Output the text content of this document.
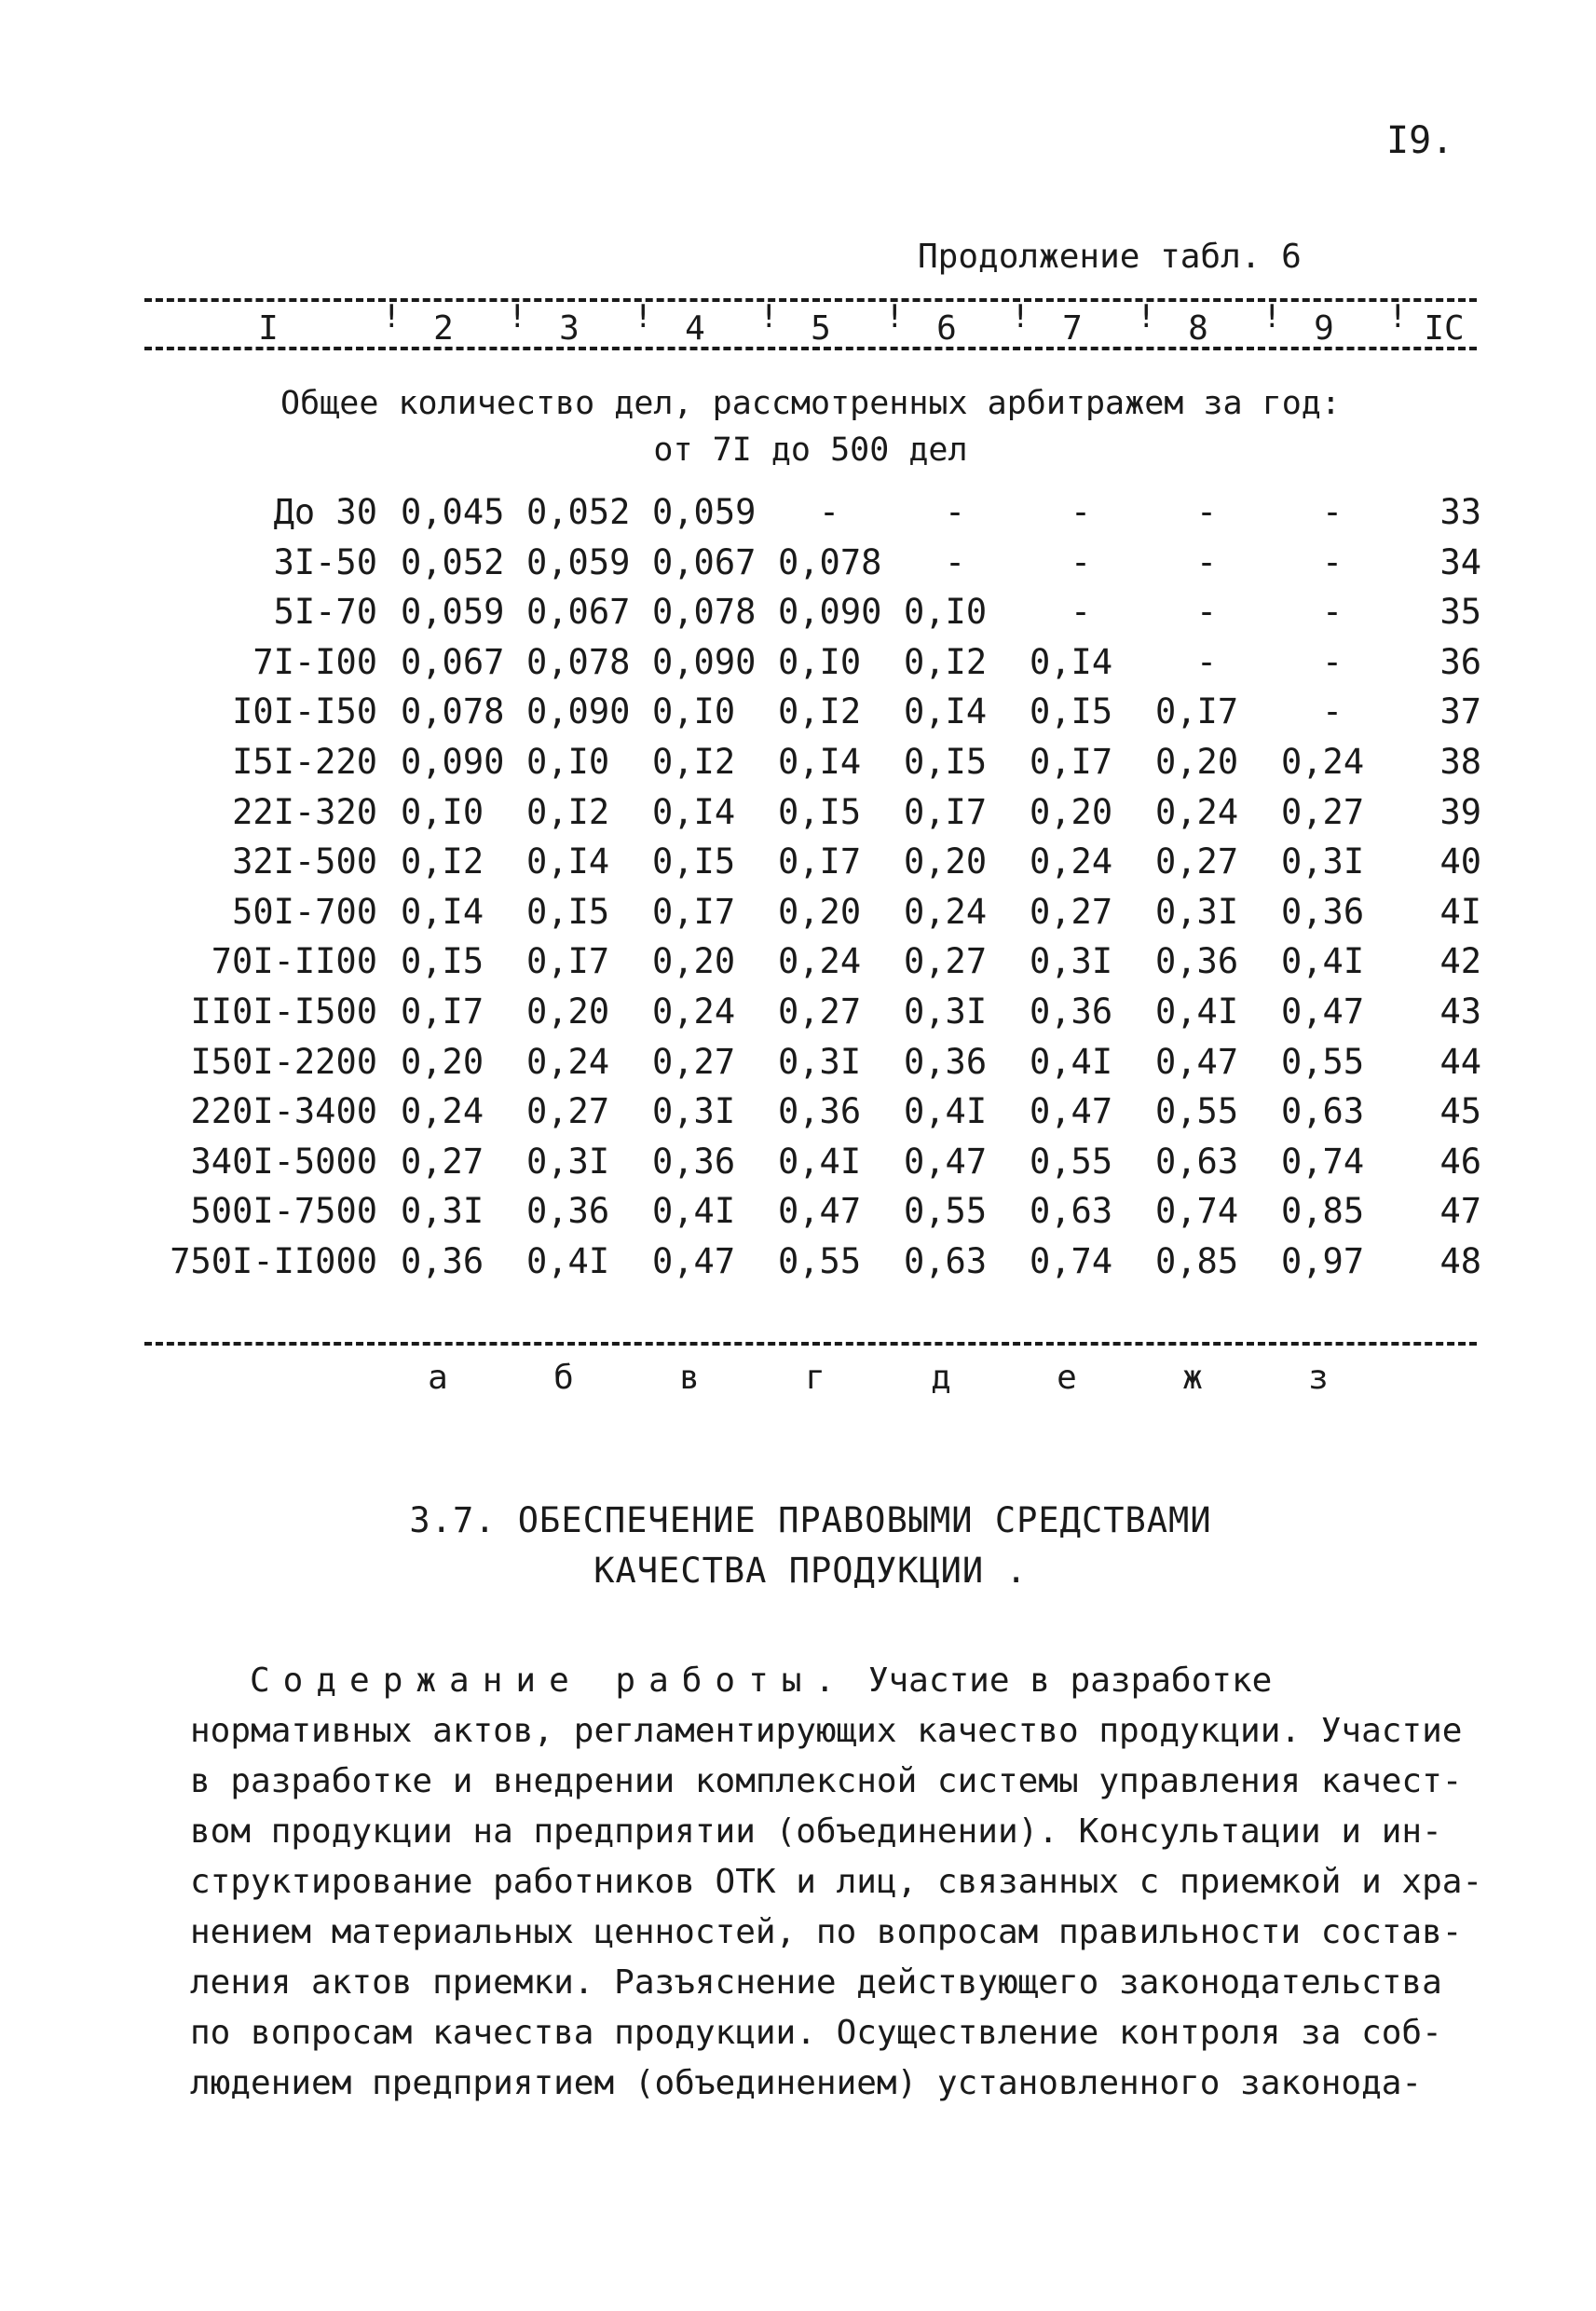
I9.
Продолжение табл. 6
I	! 2	! 3	! 4	! 5	! 6	! 7	! 8	! 9	! IC
Общее количество дел, рассмотренных арбитражем за год:
от 7I до 500 дел
До 30 0,045 0,052 0,059	-	-	-	-	-	33
3I-50 0,052 0,059 0,067 0,078	-	-	-	-	34
5I-70 0,059 0,067 0,078 0,090 0,I0	-	-	-	35
7I-I00 0,067 0,078 0,090 0,I0	0,I2	0,I4	-	-	36
I0I-I50 0,078 0,090 0,I0	0,I2	0,I4	0,I5	0,I7	-	37
I5I-220 0,090 0,I0	0,I2	0,I4	0,I5	0,I7	0,20	0,24	38
22I-320 0,I0	0,I2	0,I4	0,I5	0,I7	0,20	0,24	0,27	39
32I-500 0,I2	0,I4	0,I5	0,I7	0,20	0,24	0,27	0,3I	40
50I-700 0,I4	0,I5	0,I7	0,20	0,24	0,27	0,3I	0,36	4I
70I-II00 0,I5	0,I7	0,20	0,24	0,27	0,3I	0,36	0,4I	42
II0I-I500 0,I7	0,20	0,24	0,27	0,3I	0,36	0,4I	0,47	43
I50I-2200 0,20	0,24	0,27	0,3I	0,36	0,4I	0,47	0,55	44
220I-3400 0,24	0,27	0,3I	0,36	0,4I	0,47	0,55	0,63	45
340I-5000 0,27	0,3I	0,36	0,4I	0,47	0,55	0,63	0,74	46
500I-7500 0,3I	0,36	0,4I	0,47	0,55	0,63	0,74	0,85	47
750I-II000 0,36	0,4I	0,47	0,55	0,63	0,74	0,85	0,97	48
а	б	в	г	д	е	ж	з
3.7. ОБЕСПЕЧЕНИЕ ПРАВОВЫМИ СРЕДСТВАМИ
КАЧЕСТВА ПРОДУКЦИИ .
Содержание работы. Участие в разработке
нормативных актов, регламентирующих качество продукции. Участие
в разработке и внедрении комплексной системы управления качест-
вом продукции на предприятии (объединении). Консультации и ин-
структирование работников ОТК и лиц, связанных с приемкой и хра-
нением материальных ценностей, по вопросам правильности состав-
ления актов приемки. Разъяснение действующего законодательства
по вопросам качества продукции. Осуществление контроля за соб-
людением предприятием (объединением) установленного законода-
